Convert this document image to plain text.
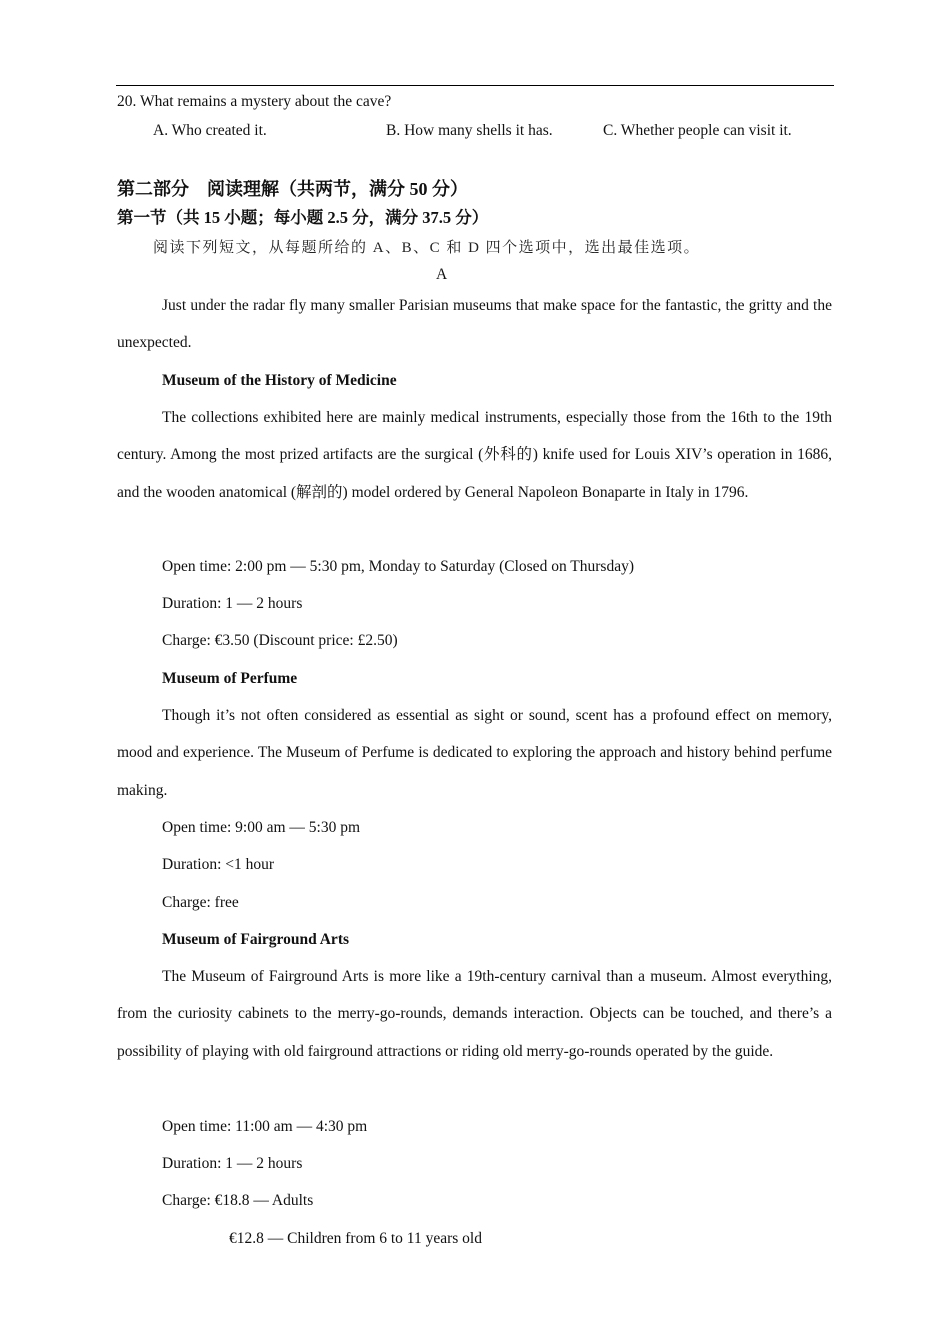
20. What remains a mystery about the cave?
A. Who created it.	B. How many shells it has.	C. Whether people can visit it.
第二部分　阅读理解（共两节，满分 50 分）
第一节（共 15 小题；每小题 2.5 分，满分 37.5 分）
阅读下列短文，从每题所给的 A、B、C 和 D 四个选项中，选出最佳选项。
A

Just under the radar fly many smaller Parisian museums that make space for the fantastic, the gritty and the unexpected.

Museum of the History of Medicine

The collections exhibited here are mainly medical instruments, especially those from the 16th to the 19th century. Among the most prized artifacts are the surgical (外科的) knife used for Louis XIV’s operation in 1686, and the wooden anatomical (解剖的) model ordered by General Napoleon Bonaparte in Italy in 1796.

Open time: 2:00 pm — 5:30 pm, Monday to Saturday (Closed on Thursday)
Duration: 1 — 2 hours
Charge: €3.50 (Discount price: £2.50)
Museum of Perfume

Though it’s not often considered as essential as sight or sound, scent has a profound effect on memory, mood and experience. The Museum of Perfume is dedicated to exploring the approach and history behind perfume making.

Open time: 9:00 am — 5:30 pm
Duration: <1 hour
Charge: free
Museum of Fairground Arts

The Museum of Fairground Arts is more like a 19th-century carnival than a museum. Almost everything, from the curiosity cabinets to the merry-go-rounds, demands interaction. Objects can be touched, and there’s a possibility of playing with old fairground attractions or riding old merry-go-rounds operated by the guide.

Open time: 11:00 am — 4:30 pm
Duration: 1 — 2 hours
Charge: €18.8 — Adults
€12.8 — Children from 6 to 11 years old
